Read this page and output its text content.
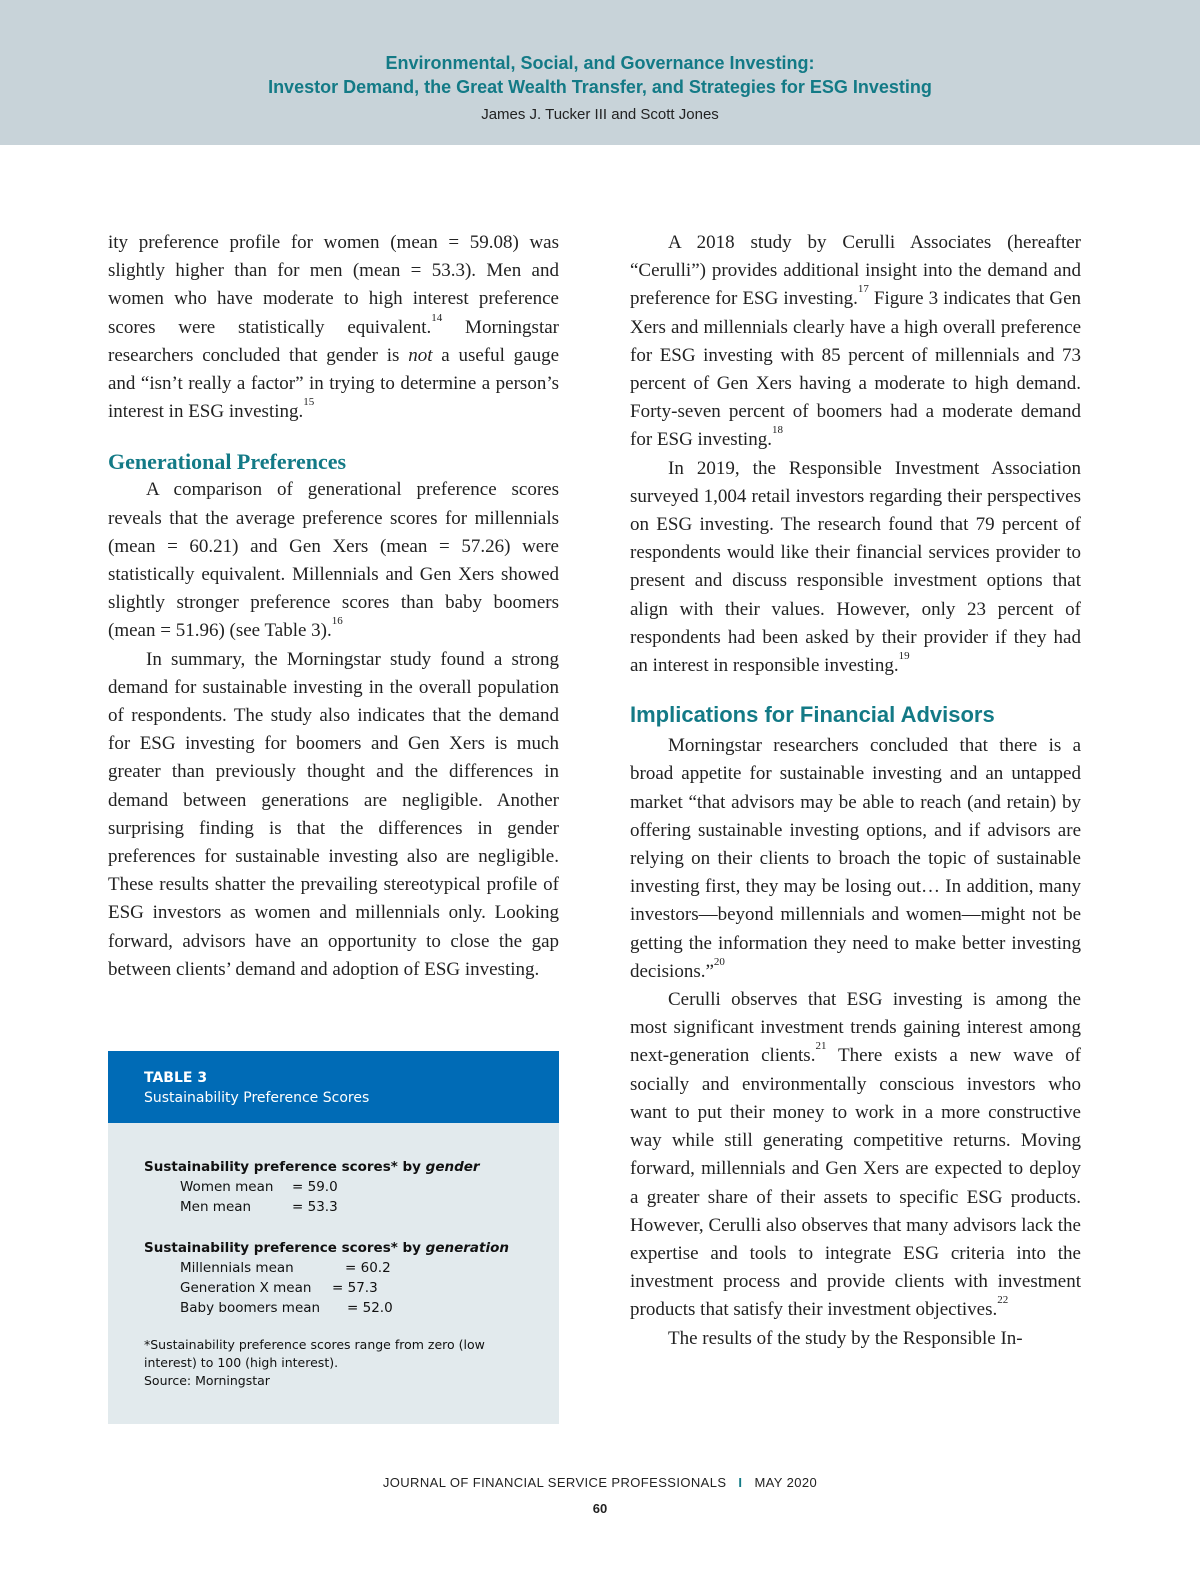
Environmental, Social, and Governance Investing:
Investor Demand, the Great Wealth Transfer, and Strategies for ESG Investing
James J. Tucker III and Scott Jones

ity preference profile for women (mean = 59.08) was slightly higher than for men (mean = 53.3). Men and women who have moderate to high interest preference scores were statistically equivalent.$^{14}$ Morningstar researchers concluded that gender is not a useful gauge and “isn’t really a factor” in trying to determine a person’s interest in ESG investing.$^{15}$

Generational Preferences

A comparison of generational preference scores reveals that the average preference scores for millennials (mean = 60.21) and Gen Xers (mean = 57.26) were statistically equivalent. Millennials and Gen Xers showed slightly stronger preference scores than baby boomers (mean = 51.96) (see Table 3).$^{16}$

In summary, the Morningstar study found a strong demand for sustainable investing in the overall population of respondents. The study also indicates that the demand for ESG investing for boomers and Gen Xers is much greater than previously thought and the differences in demand between generations are negligible. Another surprising finding is that the differences in gender preferences for sustainable investing also are negligible. These results shatter the prevailing stereotypical profile of ESG investors as women and millennials only. Looking forward, advisors have an opportunity to close the gap between clients’ demand and adoption of ESG investing.

TABLE 3
Sustainability Preference Scores
Sustainability preference scores* by gender
Women mean	= 59.0
Men mean	= 53.3
Sustainability preference scores* by generation
Millennials mean	= 60.2
Generation X mean	= 57.3
Baby boomers mean	= 52.0
*Sustainability preference scores range from zero (low interest) to 100 (high interest).
Source: Morningstar

A 2018 study by Cerulli Associates (hereafter “Cerulli”) provides additional insight into the demand and preference for ESG investing.$^{17}$ Figure 3 indicates that Gen Xers and millennials clearly have a high overall preference for ESG investing with 85 percent of millennials and 73 percent of Gen Xers having a moderate to high demand. Forty-seven percent of boomers had a moderate demand for ESG investing.$^{18}$

In 2019, the Responsible Investment Association surveyed 1,004 retail investors regarding their perspectives on ESG investing. The research found that 79 percent of respondents would like their financial services provider to present and discuss responsible investment options that align with their values. However, only 23 percent of respondents had been asked by their provider if they had an interest in responsible investing.$^{19}$

Implications for Financial Advisors

Morningstar researchers concluded that there is a broad appetite for sustainable investing and an untapped market “that advisors may be able to reach (and retain) by offering sustainable investing options, and if advisors are relying on their clients to broach the topic of sustainable investing first, they may be losing out… In addition, many investors—beyond millennials and women—might not be getting the information they need to make better investing decisions.”$^{20}$

Cerulli observes that ESG investing is among the most significant investment trends gaining interest among next-generation clients.$^{21}$ There exists a new wave of socially and environmentally conscious investors who want to put their money to work in a more constructive way while still generating competitive returns. Moving forward, millennials and Gen Xers are expected to deploy a greater share of their assets to specific ESG products. However, Cerulli also observes that many advisors lack the expertise and tools to integrate ESG criteria into the investment process and provide clients with investment products that satisfy their investment objectives.$^{22}$

The results of the study by the Responsible In-

JOURNAL OF FINANCIAL SERVICE PROFESSIONALS I MAY 2020
60
